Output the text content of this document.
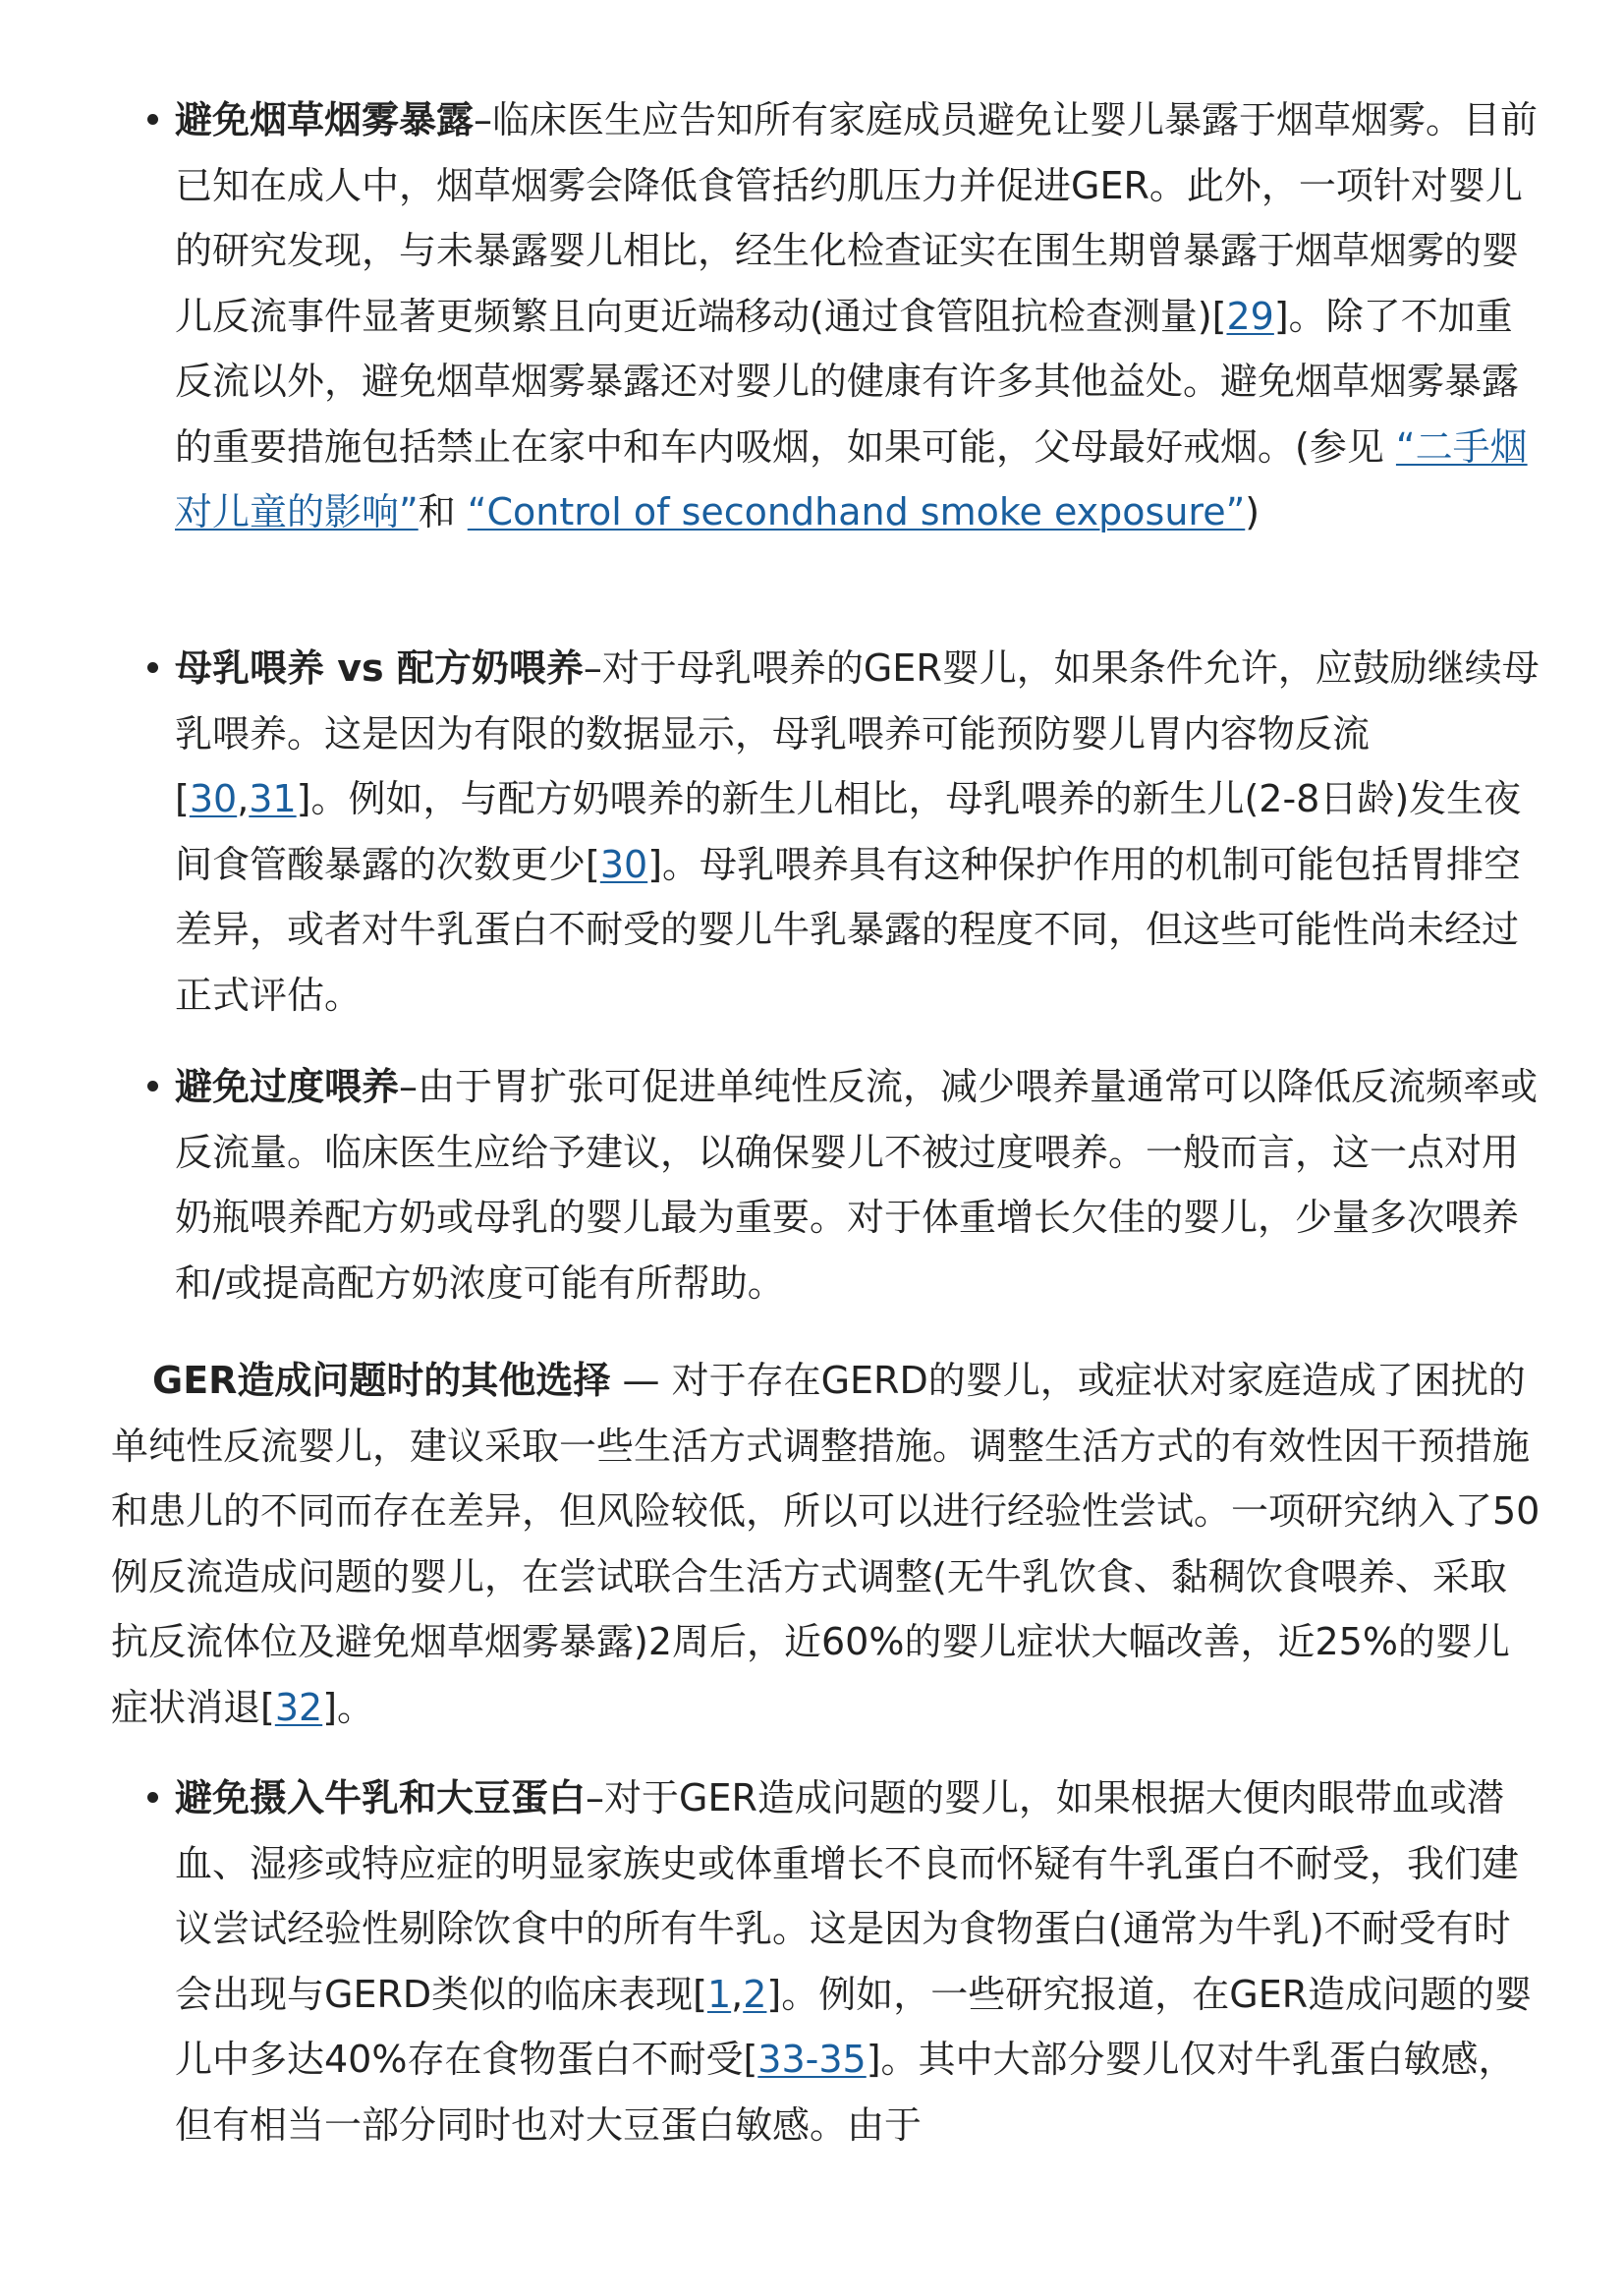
避免烟草烟雾暴露–临床医生应告知所有家庭成员避免让婴儿暴露于烟草烟雾。目前已知在成人中，烟草烟雾会降低食管括约肌压力并促进GER。此外，一项针对婴儿的研究发现，与未暴露婴儿相比，经生化检查证实在围生期曾暴露于烟草烟雾的婴儿反流事件显著更频繁且向更近端移动(通过食管阻抗检查测量)[29]。除了不加重反流以外，避免烟草烟雾暴露还对婴儿的健康有许多其他益处。避免烟草烟雾暴露的重要措施包括禁止在家中和车内吸烟，如果可能，父母最好戒烟。(参见 “二手烟对儿童的影响”和 “Control of secondhand smoke exposure”)
母乳喂养 vs 配方奶喂养–对于母乳喂养的GER婴儿，如果条件允许，应鼓励继续母乳喂养。这是因为有限的数据显示，母乳喂养可能预防婴儿胃内容物反流[30,31]。例如，与配方奶喂养的新生儿相比，母乳喂养的新生儿(2-8日龄)发生夜间食管酸暴露的次数更少[30]。母乳喂养具有这种保护作用的机制可能包括胃排空差异，或者对牛乳蛋白不耐受的婴儿牛乳暴露的程度不同，但这些可能性尚未经过正式评估。
避免过度喂养–由于胃扩张可促进单纯性反流，减少喂养量通常可以降低反流频率或反流量。临床医生应给予建议，以确保婴儿不被过度喂养。一般而言，这一点对用奶瓶喂养配方奶或母乳的婴儿最为重要。对于体重增长欠佳的婴儿，少量多次喂养和/或提高配方奶浓度可能有所帮助。
GER造成问题时的其他选择 — 对于存在GERD的婴儿，或症状对家庭造成了困扰的单纯性反流婴儿，建议采取一些生活方式调整措施。调整生活方式的有效性因干预措施和患儿的不同而存在差异，但风险较低，所以可以进行经验性尝试。一项研究纳入了50例反流造成问题的婴儿，在尝试联合生活方式调整(无牛乳饮食、黏稠饮食喂养、采取抗反流体位及避免烟草烟雾暴露)2周后，近60%的婴儿症状大幅改善，近25%的婴儿症状消退[32]。
避免摄入牛乳和大豆蛋白–对于GER造成问题的婴儿，如果根据大便肉眼带血或潜血、湿疹或特应症的明显家族史或体重增长不良而怀疑有牛乳蛋白不耐受，我们建议尝试经验性剔除饮食中的所有牛乳。这是因为食物蛋白(通常为牛乳)不耐受有时会出现与GERD类似的临床表现[1,2]。例如，一些研究报道，在GER造成问题的婴儿中多达40%存在食物蛋白不耐受[33-35]。其中大部分婴儿仅对牛乳蛋白敏感，但有相当一部分同时也对大豆蛋白敏感。由于
